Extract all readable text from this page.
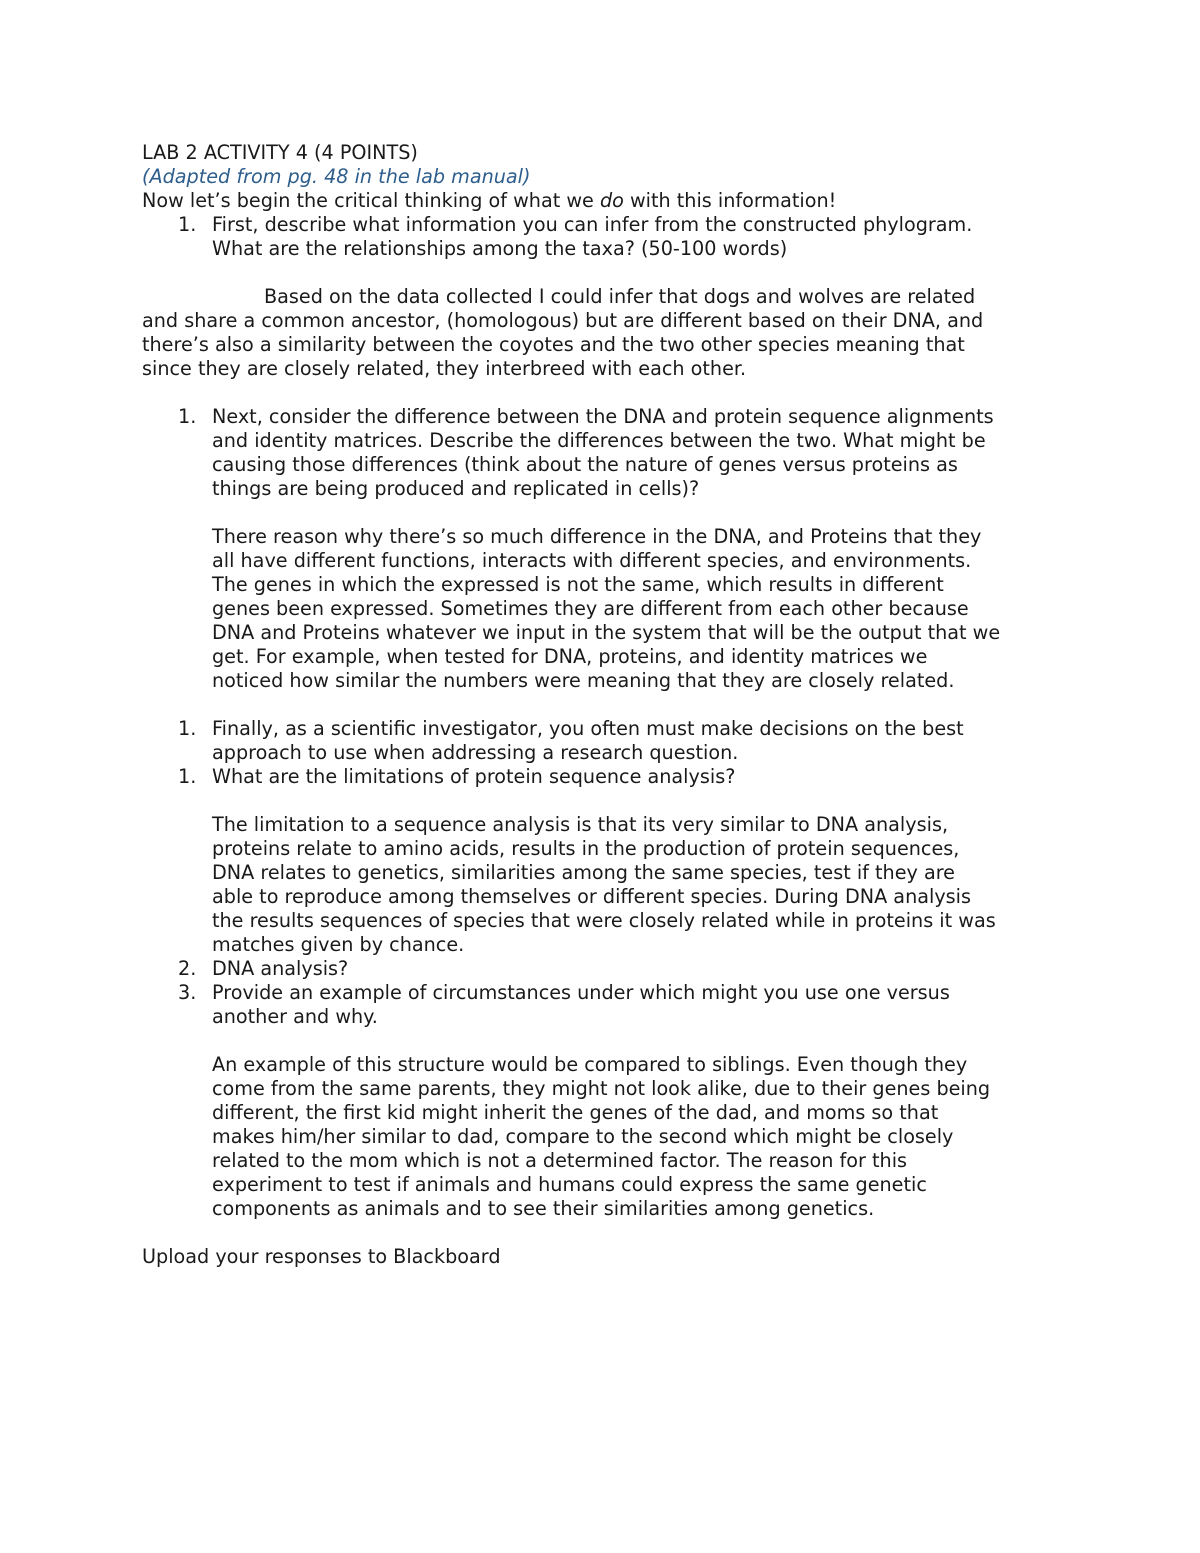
LAB 2 ACTIVITY 4 (4 POINTS)
(Adapted from pg. 48 in the lab manual)
Now let’s begin the critical thinking of what we do with this information!
1. First, describe what information you can infer from the constructed phylogram.
What are the relationships among the taxa? (50-100 words)
Based on the data collected I could infer that dogs and wolves are related
and share a common ancestor, (homologous) but are different based on their DNA, and
there’s also a similarity between the coyotes and the two other species meaning that
since they are closely related, they interbreed with each other.
1. Next, consider the difference between the DNA and protein sequence alignments
and identity matrices. Describe the differences between the two. What might be
causing those differences (think about the nature of genes versus proteins as
things are being produced and replicated in cells)?
There reason why there’s so much difference in the DNA, and Proteins that they
all have different functions, interacts with different species, and environments.
The genes in which the expressed is not the same, which results in different
genes been expressed. Sometimes they are different from each other because
DNA and Proteins whatever we input in the system that will be the output that we
get. For example, when tested for DNA, proteins, and identity matrices we
noticed how similar the numbers were meaning that they are closely related.
1. Finally, as a scientific investigator, you often must make decisions on the best
approach to use when addressing a research question.
1. What are the limitations of protein sequence analysis?
The limitation to a sequence analysis is that its very similar to DNA analysis,
proteins relate to amino acids, results in the production of protein sequences,
DNA relates to genetics, similarities among the same species, test if they are
able to reproduce among themselves or different species. During DNA analysis
the results sequences of species that were closely related while in proteins it was
matches given by chance.
2. DNA analysis?
3. Provide an example of circumstances under which might you use one versus
another and why.
An example of this structure would be compared to siblings. Even though they
come from the same parents, they might not look alike, due to their genes being
different, the first kid might inherit the genes of the dad, and moms so that
makes him/her similar to dad, compare to the second which might be closely
related to the mom which is not a determined factor. The reason for this
experiment to test if animals and humans could express the same genetic
components as animals and to see their similarities among genetics.
Upload your responses to Blackboard
